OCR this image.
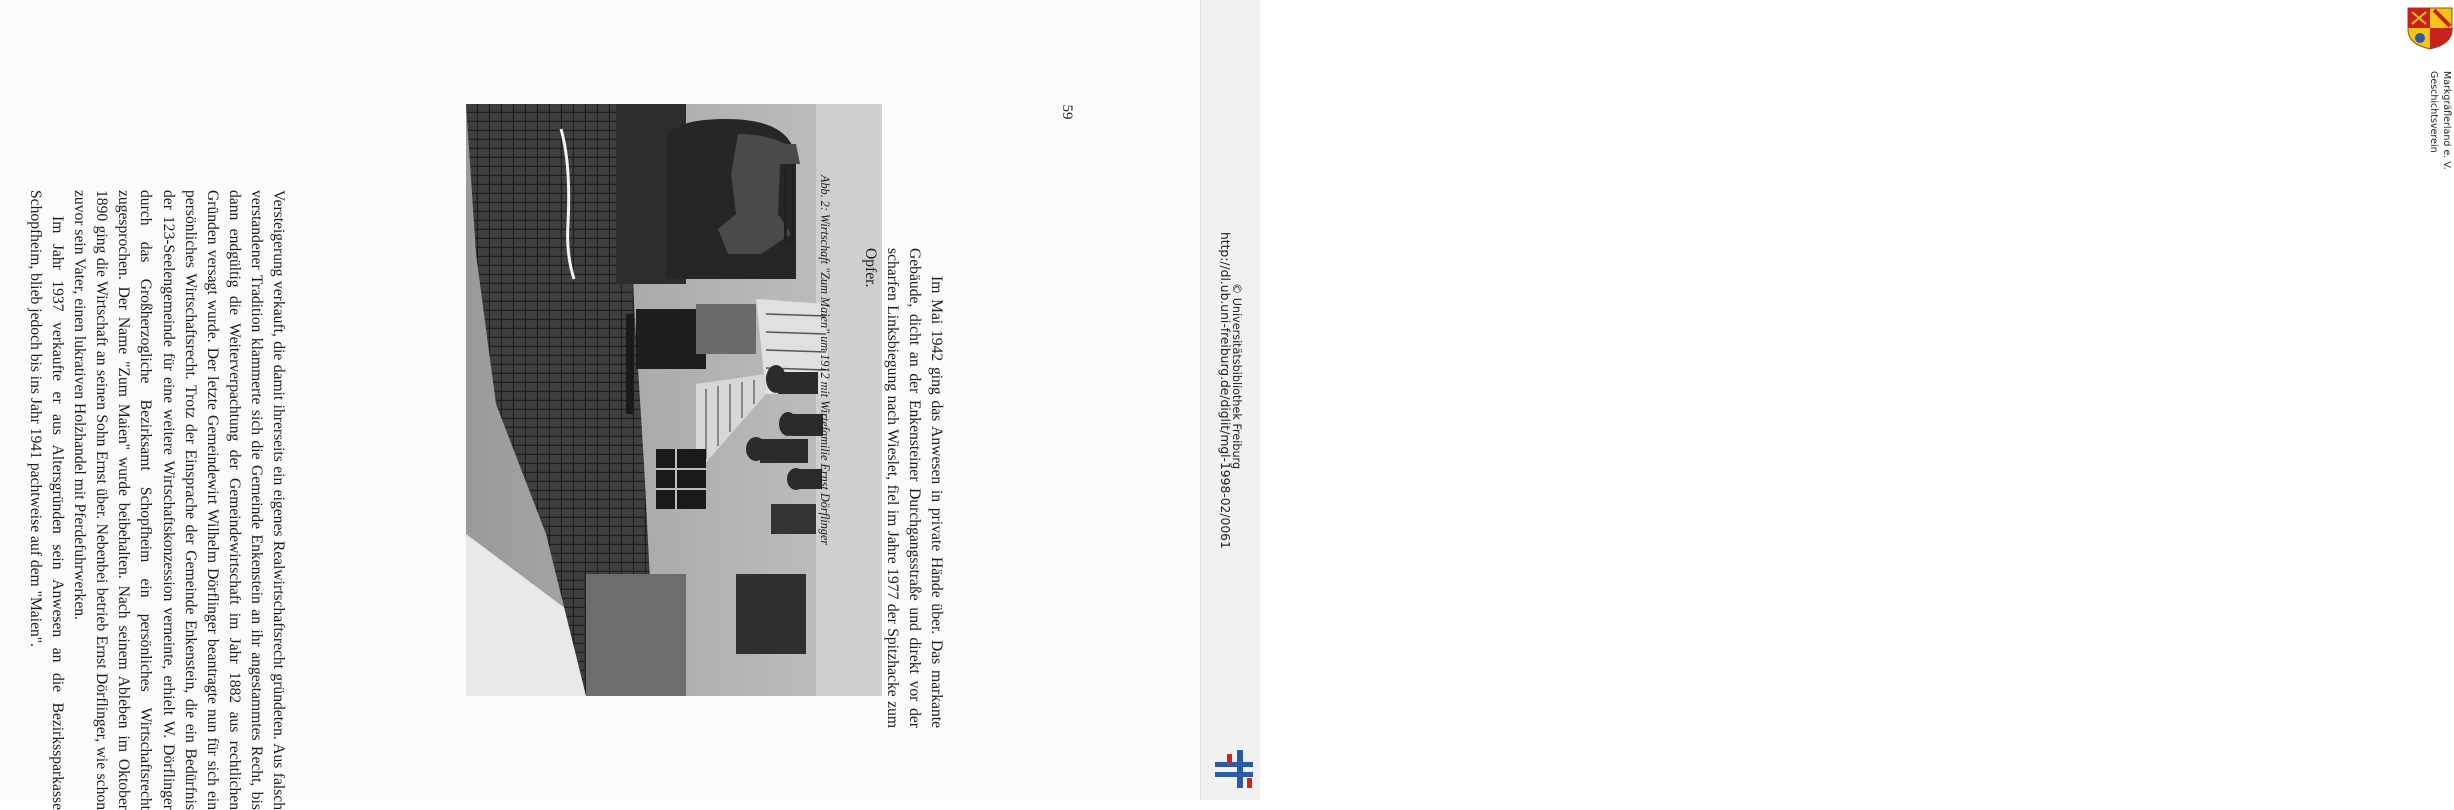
Versteigerung verkauft, die damit ihrerseits ein eigenes Realwirtschaftsrecht gründeten. Aus falsch verstandener Tradition klammerte sich die Gemeinde Enkenstein an ihr angestammtes Recht, bis dann endgültig die Weiterverpachtung der Gemeindewirtschaft im Jahr 1882 aus rechtlichen Gründen versagt wurde. Der letzte Gemeindewirt Wilhelm Dörflinger beantragte nun für sich ein persönliches Wirtschaftsrecht. Trotz der Einsprache der Gemeinde Enkenstein, die ein Bedürfnis der 123-Seelengemeinde für eine weitere Wirtschaftskonzession verneinte, erhielt W. Dörflinger durch das Großherzogliche Bezirksamt Schopfheim ein persönliches Wirtschaftsrecht zugesprochen. Der Name "Zum Maien" wurde beibehalten. Nach seinem Ableben im Oktober 1890 ging die Wirtschaft an seinen Sohn Ernst über. Nebenbei betrieb Ernst Dörflinger, wie schon zuvor sein Vater, einen lukrativen Holzhandel mit Pferdefuhrwerken.

Im Jahr 1937 verkaufte er aus Altersgründen sein Anwesen an die Bezirkssparkasse Schopfheim, blieb jedoch bis ins Jahr 1941 pachtweise auf dem "Maien".	Abb. 2: Wirtschaft "Zum Maien" um 1912 mit Wirtefamilie Ernst Dörflinger	Im Mai 1942 ging das Anwesen in private Hände über. Das markante Gebäude, dicht an der Enkensteiner Durchgangsstraße und direkt vor der scharfen Linksbiegung nach Wieslet, fiel im Jahre 1977 der Spitzhacke zum Opfer.
59	Geschichtsverein Markgräflerland e. V.
http://dl.ub.uni-freiburg.de/diglit/mgl-1998-02/0061
© Universitätsbibliothek Freiburg
